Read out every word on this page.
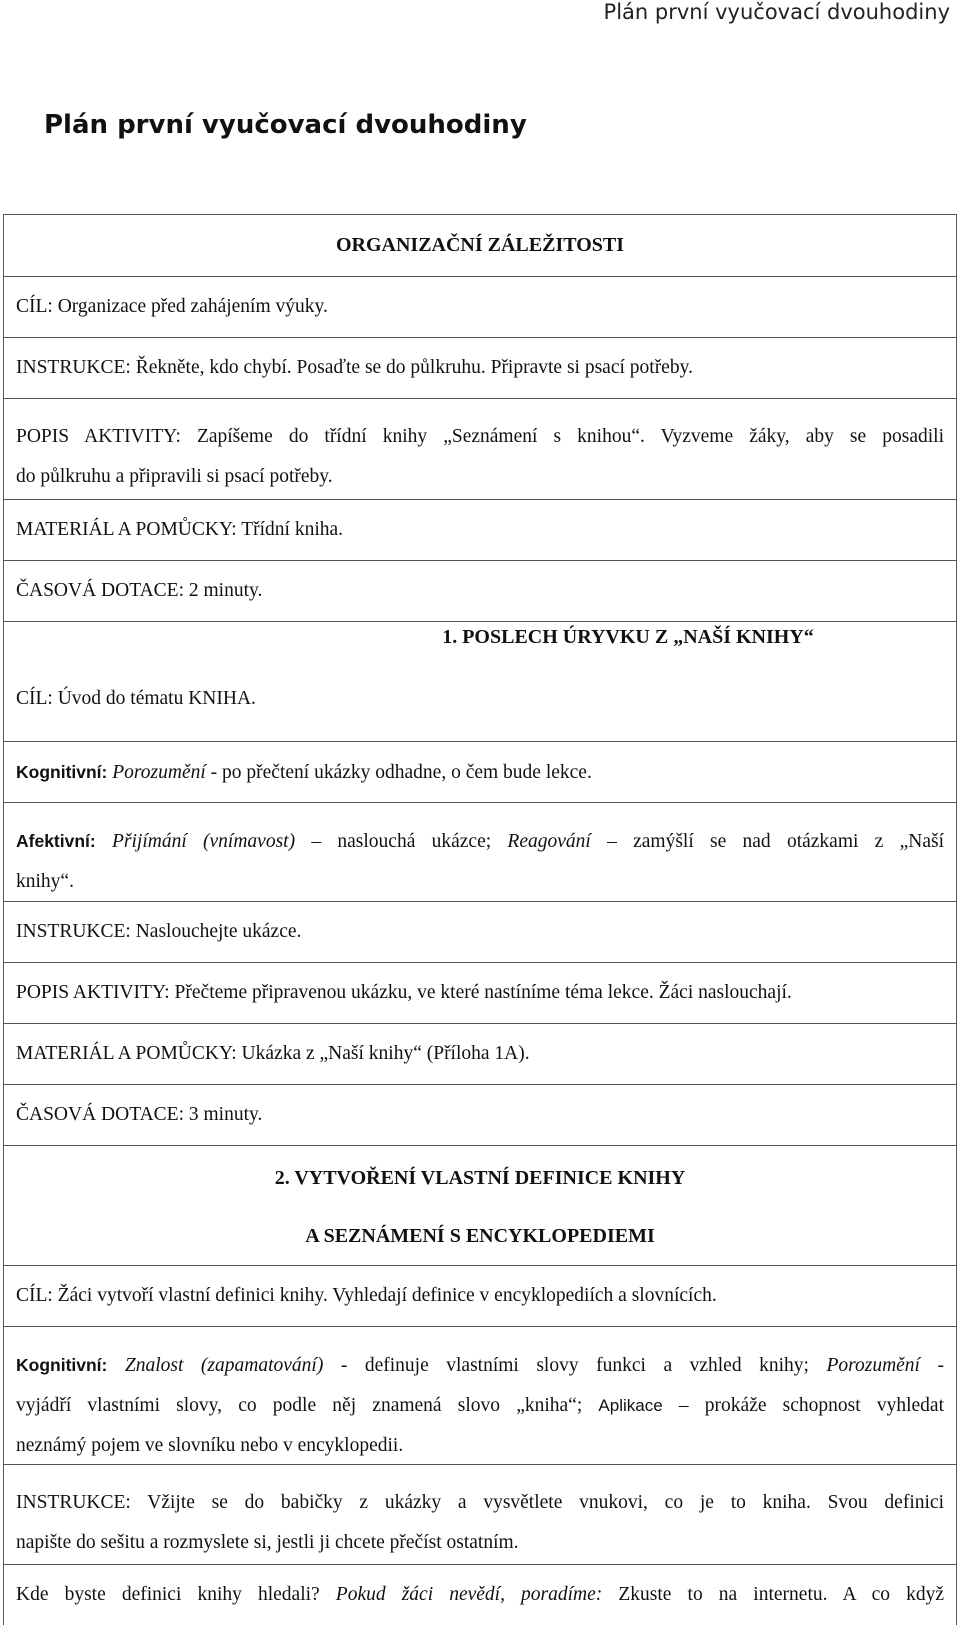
Plán první vyučovací dvouhodiny
Plán první vyučovací dvouhodiny
ORGANIZAČNÍ ZÁLEŽITOSTI
CÍL: Organizace před zahájením výuky.
INSTRUKCE: Řekněte, kdo chybí. Posaďte se do půlkruhu. Připravte si psací potřeby.
POPIS AKTIVITY: Zapíšeme do třídní knihy „Seznámení s knihou“. Vyzveme žáky, aby se posadili
do půlkruhu a připravili si psací potřeby.
MATERIÁL A POMŮCKY: Třídní kniha.
ČASOVÁ DOTACE: 2 minuty.
1. POSLECH ÚRYVKU Z „NAŠÍ KNIHY“
CÍL: Úvod do tématu KNIHA.
Kognitivní: Porozumění - po přečtení ukázky odhadne, o čem bude lekce.
Afektivní: Přijímání (vnímavost) – naslouchá ukázce; Reagování – zamýšlí se nad otázkami z „Naší
knihy“.
INSTRUKCE: Naslouchejte ukázce.
POPIS AKTIVITY: Přečteme připravenou ukázku, ve které nastíníme téma lekce. Žáci naslouchají.
MATERIÁL A POMŮCKY: Ukázka z „Naší knihy“ (Příloha 1A).
ČASOVÁ DOTACE: 3 minuty.
2. VYTVOŘENÍ VLASTNÍ DEFINICE KNIHY
A SEZNÁMENÍ S ENCYKLOPEDIEMI
CÍL: Žáci vytvoří vlastní definici knihy. Vyhledají definice v encyklopediích a slovnících.
Kognitivní: Znalost (zapamatování) - definuje vlastními slovy funkci a vzhled knihy; Porozumění -
vyjádří vlastními slovy, co podle něj znamená slovo „kniha“; Aplikace – prokáže schopnost vyhledat
neznámý pojem ve slovníku nebo v encyklopedii.
INSTRUKCE: Vžijte se do babičky z ukázky a vysvětlete vnukovi, co je to kniha. Svou definici
napište do sešitu a rozmyslete si, jestli ji chcete přečíst ostatním.
Kde byste definici knihy hledali? Pokud žáci nevědí, poradíme: Zkuste to na internetu. A co když
